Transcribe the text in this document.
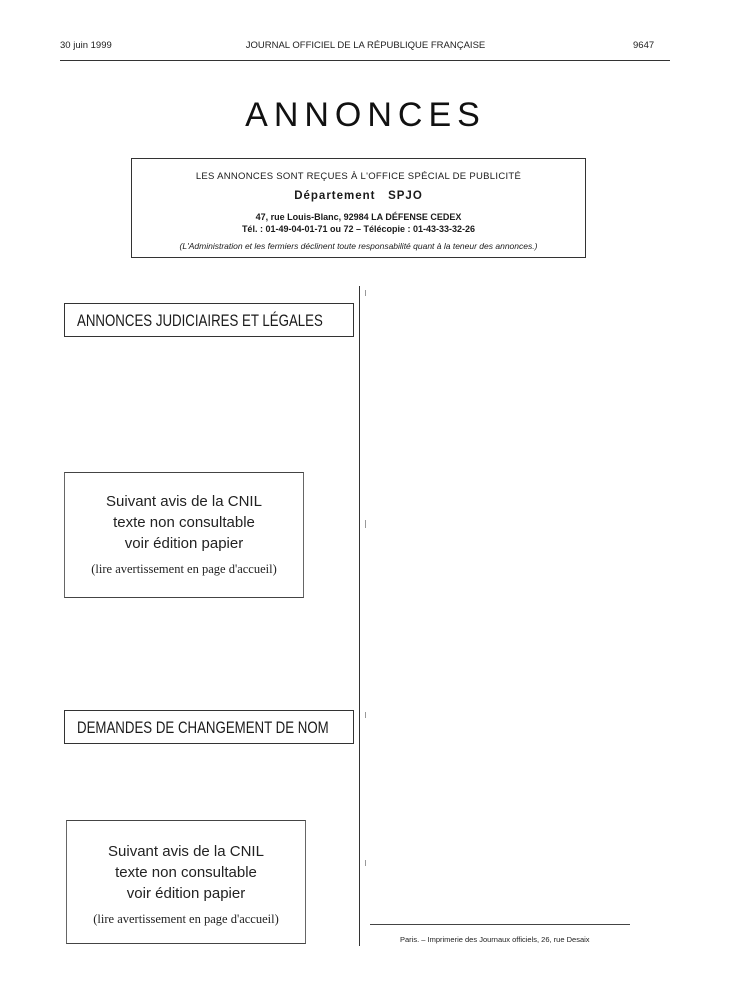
30 juin 1999	JOURNAL OFFICIEL DE LA RÉPUBLIQUE FRANÇAISE	9647
ANNONCES
LES ANNONCES SONT REÇUES À L'OFFICE SPÉCIAL DE PUBLICITÉ
Département   SPJO
47, rue Louis-Blanc, 92984 LA DÉFENSE CEDEX
Tél. : 01-49-04-01-71 ou 72 – Télécopie : 01-43-33-32-26
(L'Administration et les fermiers déclinent toute responsabilité quant à la teneur des annonces.)
ANNONCES JUDICIAIRES ET LÉGALES
Suivant avis de la CNIL
texte non consultable
voir édition papier
(lire avertissement en page d'accueil)
DEMANDES DE CHANGEMENT DE NOM
Suivant avis de la CNIL
texte non consultable
voir édition papier
(lire avertissement en page d'accueil)
Paris. – Imprimerie des Journaux officiels, 26, rue Desaix
